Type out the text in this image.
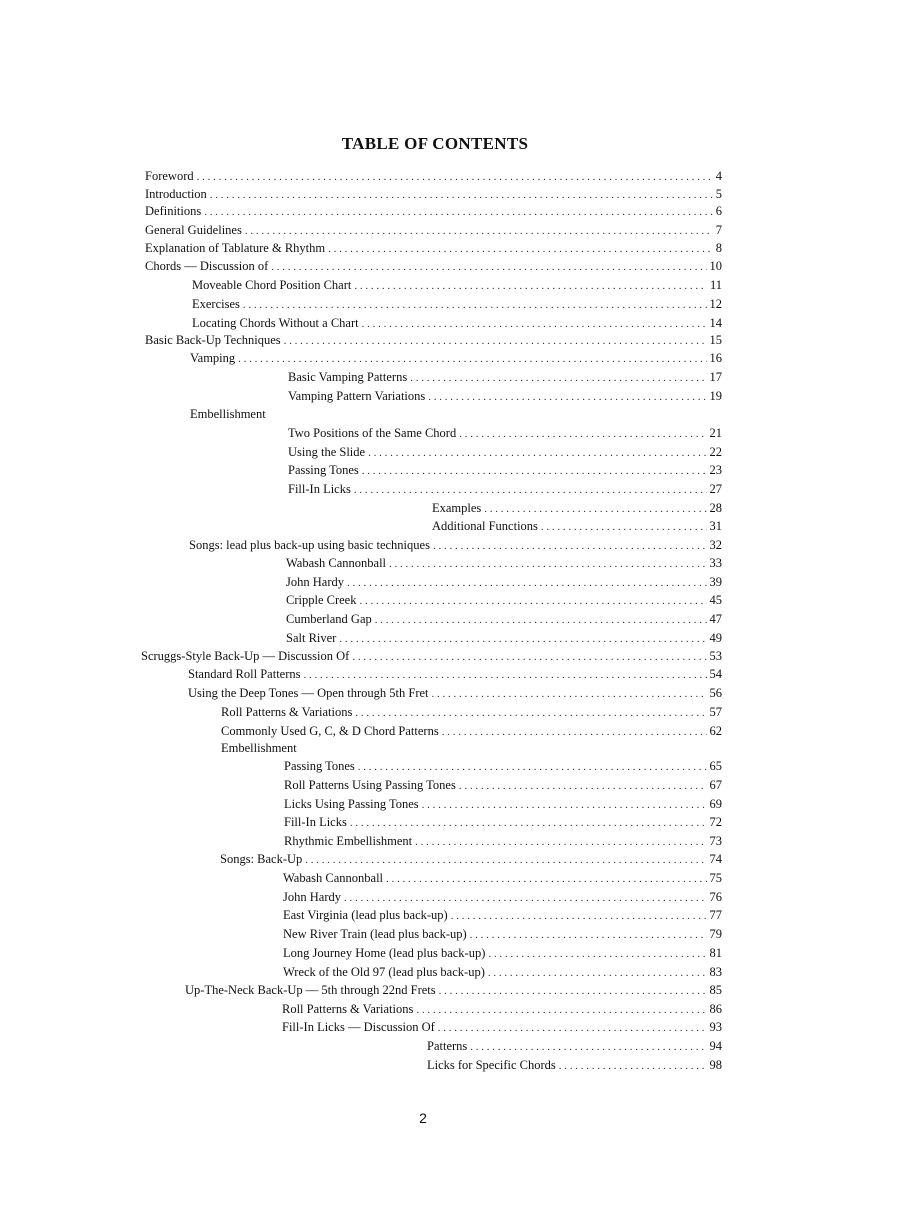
TABLE OF CONTENTS
Foreword . . .	4
Introduction . . .	5
Definitions . . .	6
General Guidelines . . .	7
Explanation of Tablature & Rhythm . . .	8
Chords — Discussion of . . .	10
Moveable Chord Position Chart . . .	11
Exercises . . .	12
Locating Chords Without a Chart . . .	14
Basic Back-Up Techniques . . .	15
Vamping . . .	16
Basic Vamping Patterns . . .	17
Vamping Pattern Variations . . .	19
Embellishment
Two Positions of the Same Chord . . .	21
Using the Slide . . .	22
Passing Tones . . .	23
Fill-In Licks . . .	27
Examples . . .	28
Additional Functions . . .	31
Songs: lead plus back-up using basic techniques . . .	32
Wabash Cannonball . . .	33
John Hardy . . .	39
Cripple Creek . . .	45
Cumberland Gap . . .	47
Salt River . . .	49
Scruggs-Style Back-Up — Discussion Of . . .	53
Standard Roll Patterns . . .	54
Using the Deep Tones — Open through 5th Fret . . .	56
Roll Patterns & Variations . . .	57
Commonly Used G, C, & D Chord Patterns . . .	62
Embellishment
Passing Tones . . .	65
Roll Patterns Using Passing Tones . . .	67
Licks Using Passing Tones . . .	69
Fill-In Licks . . .	72
Rhythmic Embellishment . . .	73
Songs: Back-Up . . .	74
Wabash Cannonball . . .	75
John Hardy . . .	76
East Virginia (lead plus back-up) . . .	77
New River Train (lead plus back-up) . . .	79
Long Journey Home (lead plus back-up) . . .	81
Wreck of the Old 97 (lead plus back-up) . . .	83
Up-The-Neck Back-Up — 5th through 22nd Frets . . .	85
Roll Patterns & Variations . . .	86
Fill-In Licks — Discussion Of . . .	93
Patterns . . .	94
Licks for Specific Chords . . .	98
2
